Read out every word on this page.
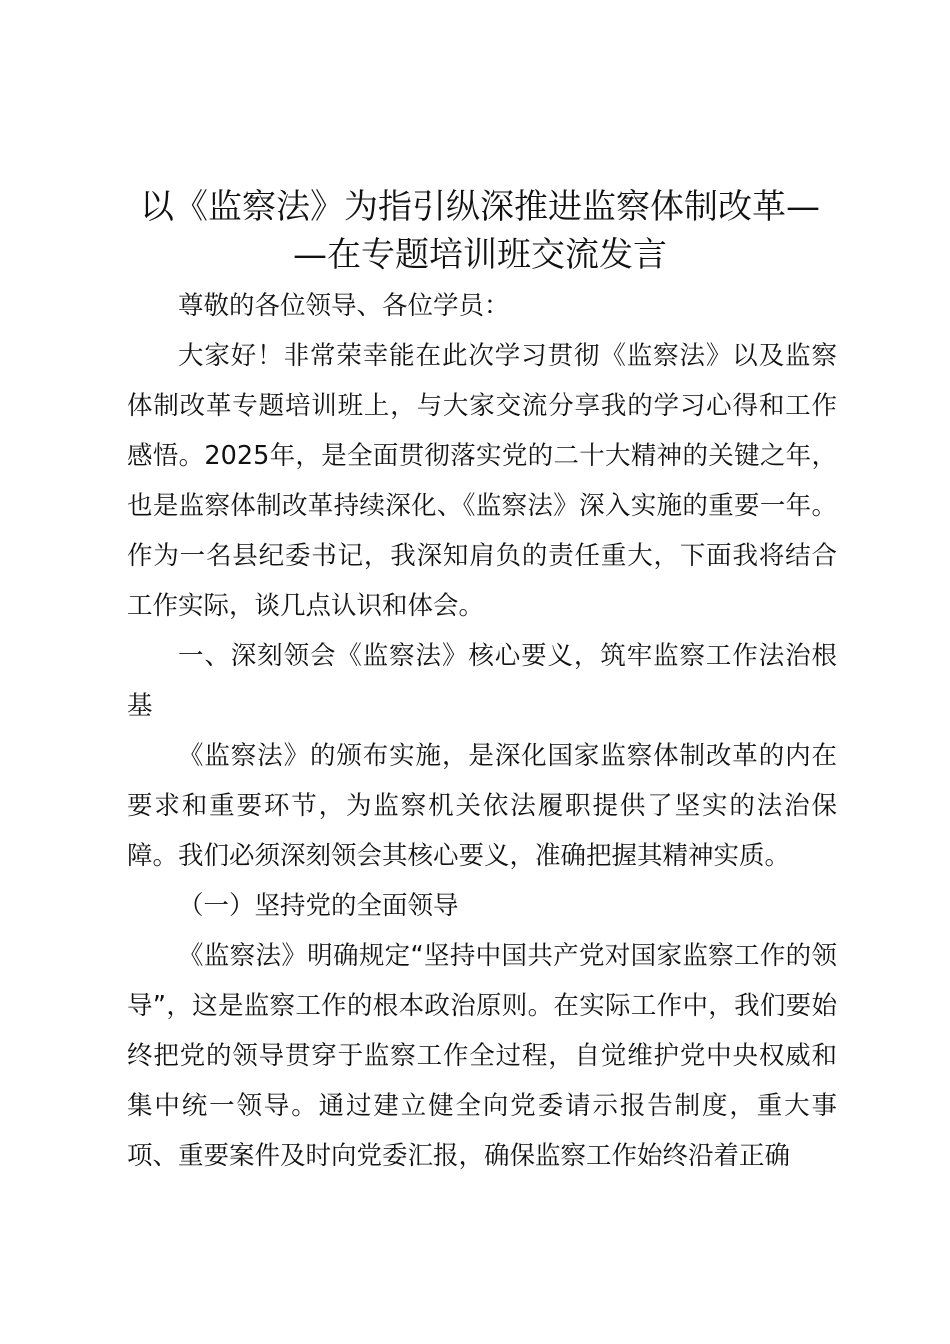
以《监察法》为指引纵深推进监察体制改革—
—在专题培训班交流发言

尊敬的各位领导、各位学员：

大家好！非常荣幸能在此次学习贯彻《监察法》以及监察体制改革专题培训班上，与大家交流分享我的学习心得和工作感悟。2025年，是全面贯彻落实党的二十大精神的关键之年，也是监察体制改革持续深化、《监察法》深入实施的重要一年。作为一名县纪委书记，我深知肩负的责任重大，下面我将结合工作实际，谈几点认识和体会。

一、深刻领会《监察法》核心要义，筑牢监察工作法治根基

《监察法》的颁布实施，是深化国家监察体制改革的内在要求和重要环节，为监察机关依法履职提供了坚实的法治保障。我们必须深刻领会其核心要义，准确把握其精神实质。

（一）坚持党的全面领导

《监察法》明确规定“坚持中国共产党对国家监察工作的领导”，这是监察工作的根本政治原则。在实际工作中，我们要始终把党的领导贯穿于监察工作全过程，自觉维护党中央权威和集中统一领导。通过建立健全向党委请示报告制度，重大事项、重要案件及时向党委汇报，确保监察工作始终沿着正确
